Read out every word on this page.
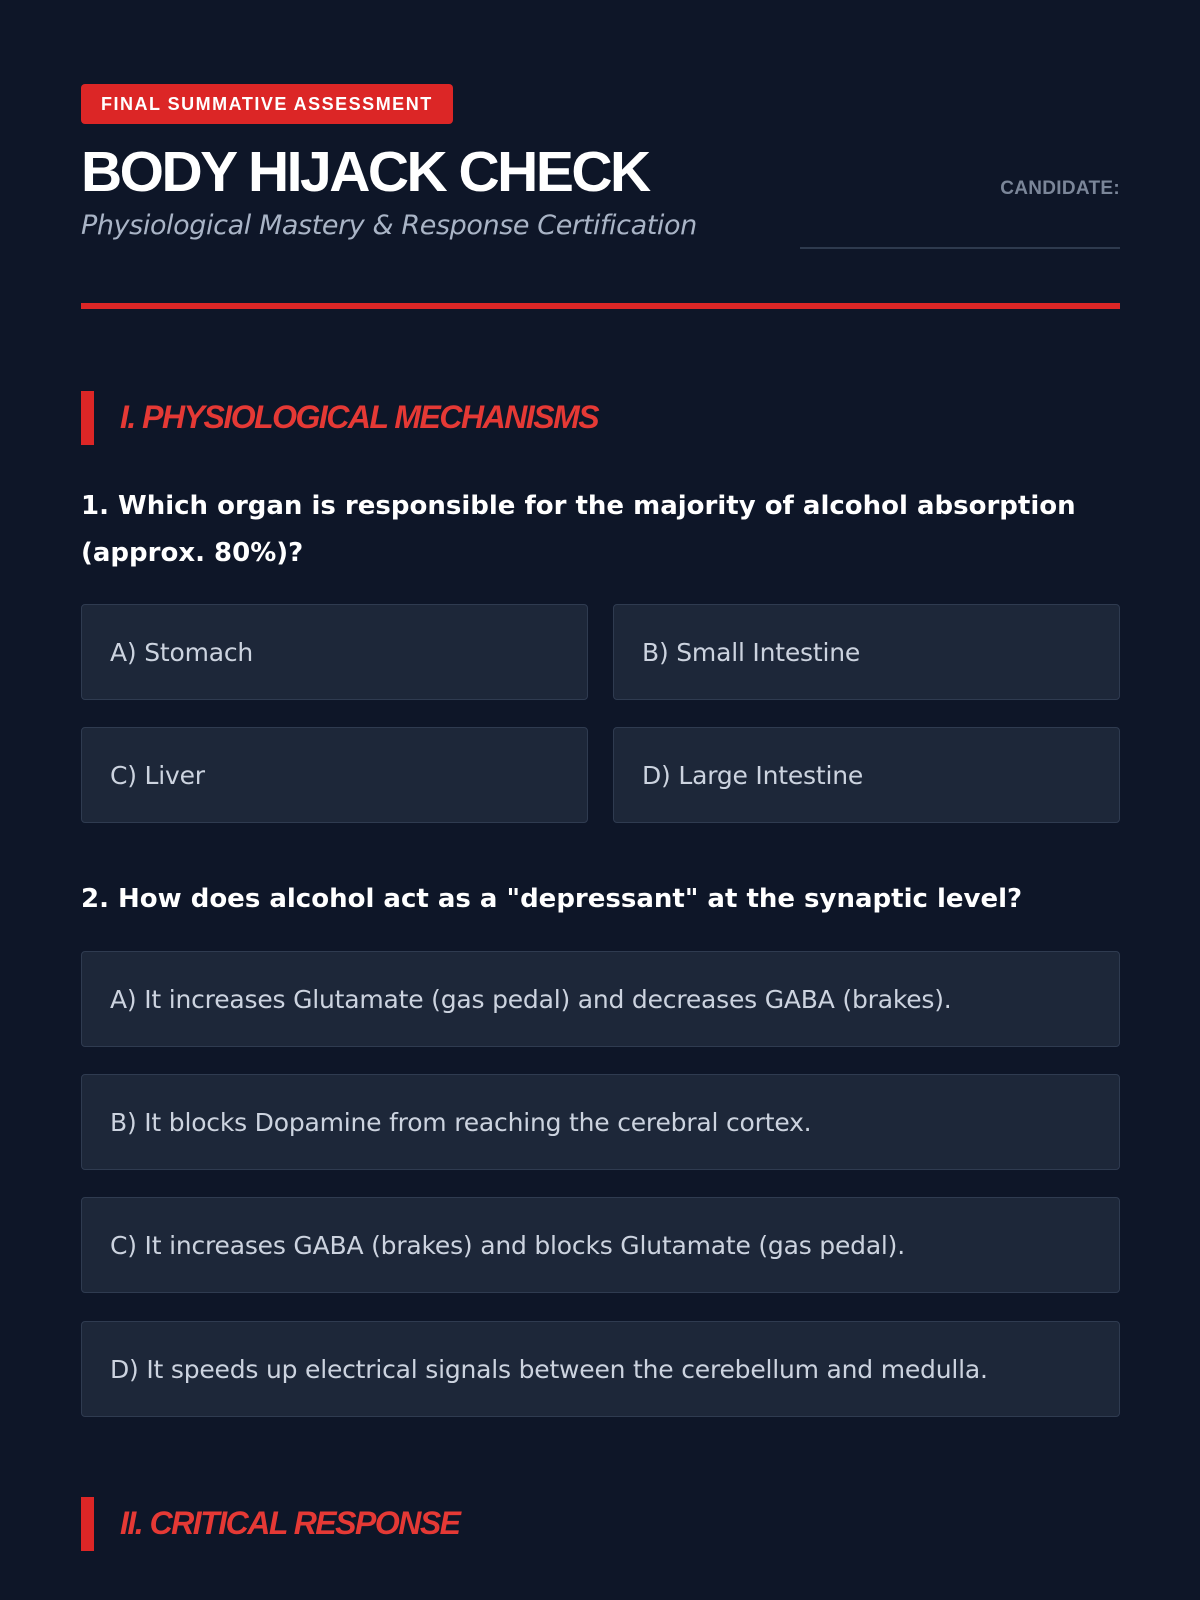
FINAL SUMMATIVE ASSESSMENT
BODY HIJACK CHECK
Physiological Mastery & Response Certification
CANDIDATE:
I. PHYSIOLOGICAL MECHANISMS
1. Which organ is responsible for the majority of alcohol absorption (approx. 80%)?
A) Stomach	B) Small Intestine
C) Liver	D) Large Intestine
2. How does alcohol act as a "depressant" at the synaptic level?
A) It increases Glutamate (gas pedal) and decreases GABA (brakes).
B) It blocks Dopamine from reaching the cerebral cortex.
C) It increases GABA (brakes) and blocks Glutamate (gas pedal).
D) It speeds up electrical signals between the cerebellum and medulla.
II. CRITICAL RESPONSE
